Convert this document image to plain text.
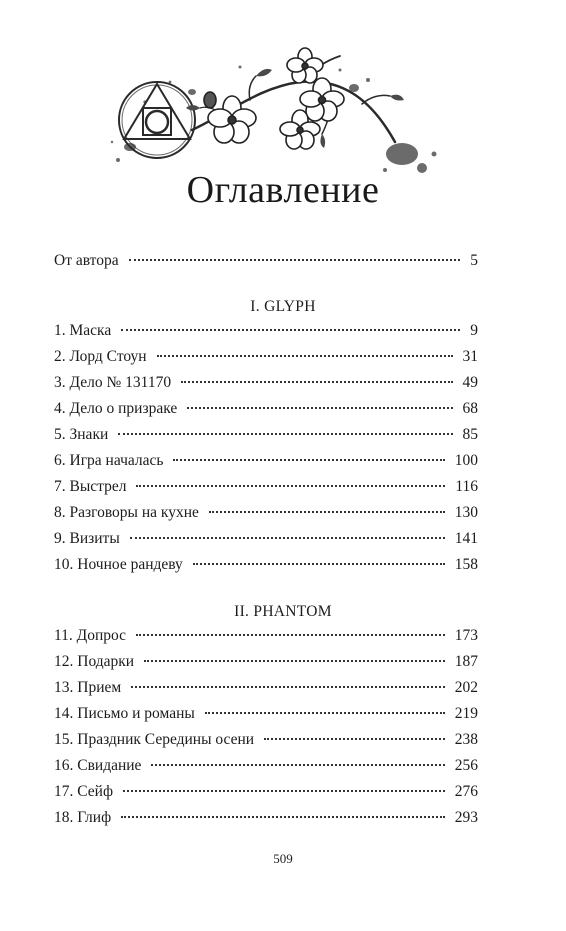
Оглавление
От автора	5
1. Маска	9
2. Лорд Стоун	31
3. Дело № 131170	49
4. Дело о призраке	68
5. Знаки	85
6. Игра началась	100
7. Выстрел	116
8. Разговоры на кухне	130
9. Визиты	141
10. Ночное рандеву	158
11. Допрос	173
12. Подарки	187
13. Прием	202
14. Письмо и романы	219
15. Праздник Середины осени	238
16. Свидание	256
17. Сейф	276
18. Глиф	293
I. GLYPH
II. PHANTOM
509
